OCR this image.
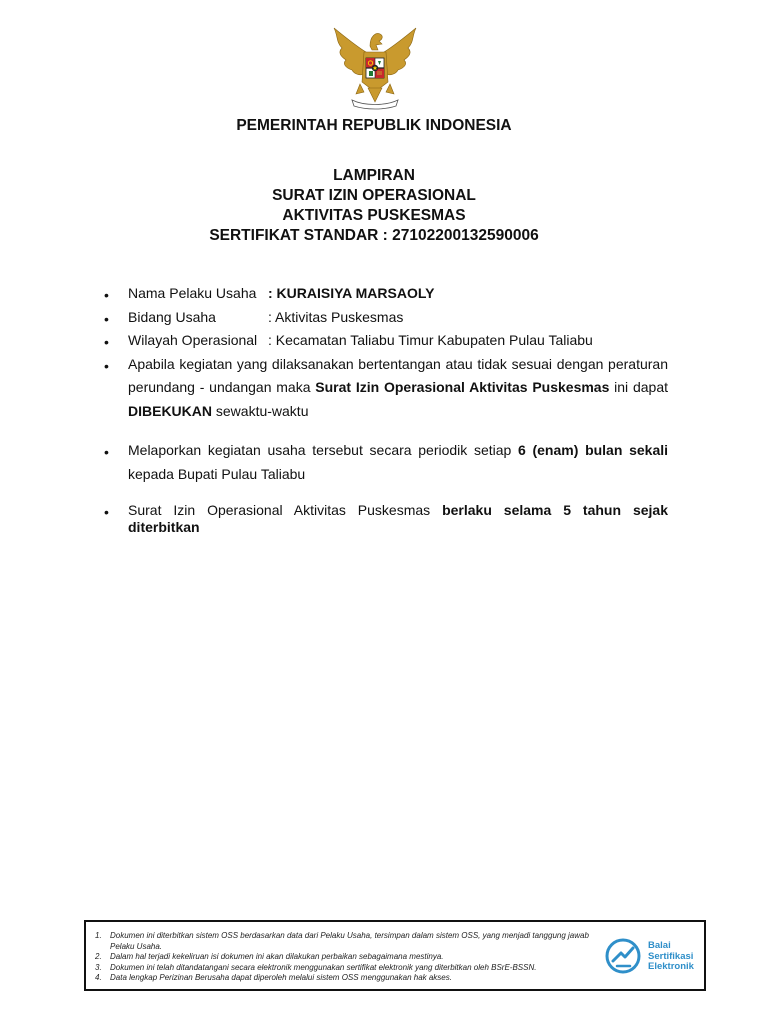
PEMERINTAH REPUBLIK INDONESIA
LAMPIRAN
SURAT IZIN OPERASIONAL
AKTIVITAS PUSKESMAS
SERTIFIKAT STANDAR : 27102200132590006
• Nama Pelaku Usaha : KURAISIYA MARSAOLY
• Bidang Usaha	: Aktivitas Puskesmas
• Wilayah Operasional : Kecamatan Taliabu Timur Kabupaten Pulau Taliabu
• Apabila kegiatan yang dilaksanakan bertentangan atau tidak sesuai dengan peraturan perundang - undangan maka Surat Izin Operasional Aktivitas Puskesmas ini dapat DIBEKUKAN sewaktu-waktu
• Melaporkan kegiatan usaha tersebut secara periodik setiap 6 (enam) bulan sekali kepada Bupati Pulau Taliabu
• Surat Izin Operasional Aktivitas Puskesmas berlaku selama 5 tahun sejak diterbitkan
1. Dokumen ini diterbitkan sistem OSS berdasarkan data dari Pelaku Usaha, tersimpan dalam sistem OSS, yang menjadi tanggung jawab Pelaku Usaha.
2. Dalam hal terjadi kekeliruan isi dokumen ini akan dilakukan perbaikan sebagaimana mestinya.
3. Dokumen ini telah ditandatangani secara elektronik menggunakan sertifikat elektronik yang diterbitkan oleh BSrE-BSSN.
4. Data lengkap Perizinan Berusaha dapat diperoleh melalui sistem OSS menggunakan hak akses.
Balai
Sertifikasi
Elektronik
